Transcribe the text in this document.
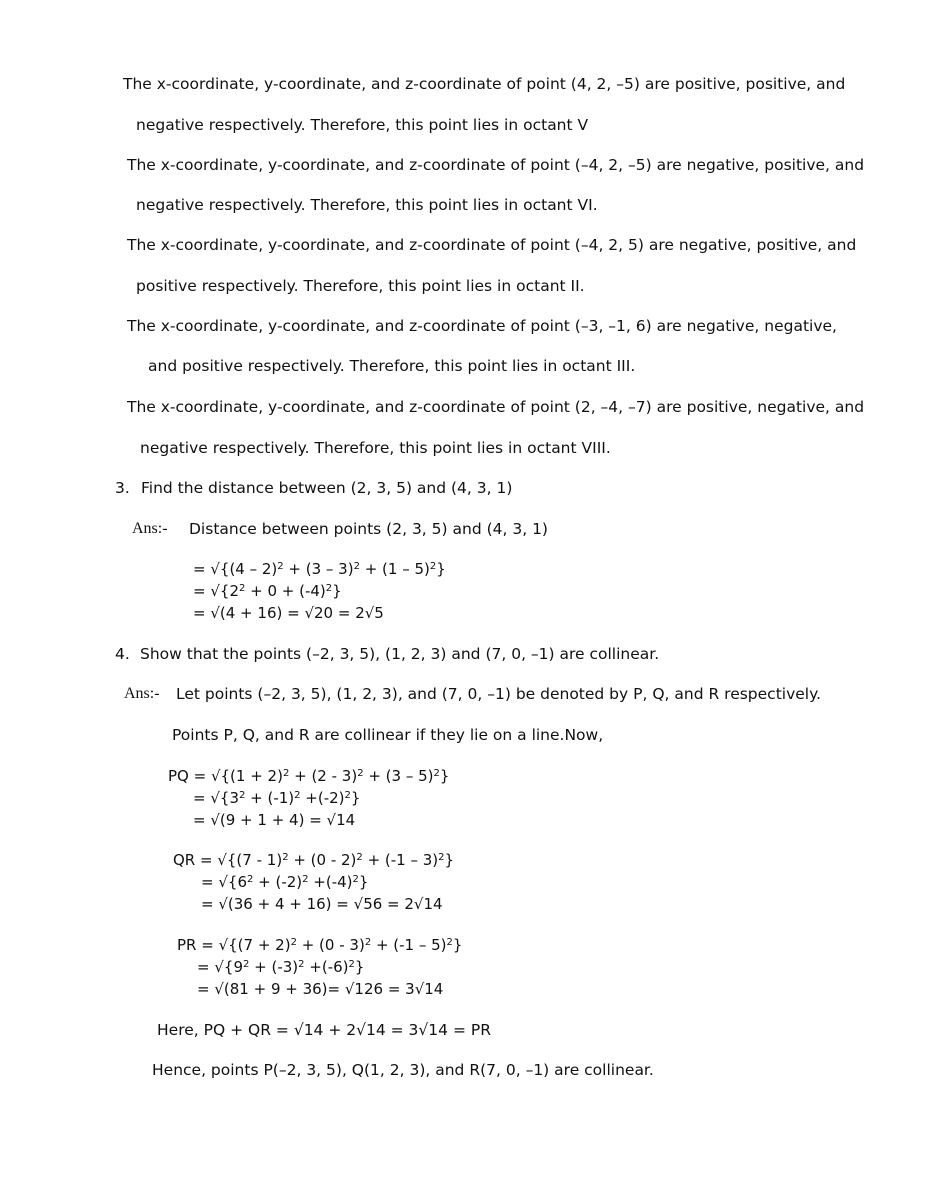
The x-coordinate, y-coordinate, and z-coordinate of point (4, 2, –5) are positive, positive, and
negative respectively. Therefore, this point lies in octant V
The x-coordinate, y-coordinate, and z-coordinate of point (–4, 2, –5) are negative, positive, and
negative respectively. Therefore, this point lies in octant VI.
The x-coordinate, y-coordinate, and z-coordinate of point (–4, 2, 5) are negative, positive, and
positive respectively. Therefore, this point lies in octant II.
The x-coordinate, y-coordinate, and z-coordinate of point (–3, –1, 6) are negative, negative,
and positive respectively. Therefore, this point lies in octant III.
The x-coordinate, y-coordinate, and z-coordinate of point (2, –4, –7) are positive, negative, and
negative respectively. Therefore, this point lies in octant VIII.
3. Find the distance between (2, 3, 5) and (4, 3, 1)
Ans:- Distance between points (2, 3, 5) and (4, 3, 1)
= √{(4 – 2)$^2$ + (3 – 3)$^2$ + (1 – 5)$^2$}
= $√\{2^2 + 0 + (-4)^2\}$
= √(4 + 16) = √20 = 2√5
4. Show that the points (–2, 3, 5), (1, 2, 3) and (7, 0, –1) are collinear.
Ans:- Let points (–2, 3, 5), (1, 2, 3), and (7, 0, –1) be denoted by P, Q, and R respectively.
Points P, Q, and R are collinear if they lie on a line.Now,
PQ = $√\{(1 + 2)^2 + (2 - 3)^2 + (3 - 5)^2\}$
= $√\{3^2 + (-1)^2 +(-2)^2\}$
= √(9 + 1 + 4) = √14
QR = √{(7 - 1)$^2$ + (0 - 2)$^2$ + (-1 – 3)$^2$}
= $√\{6^2 + (-2)^2 +(-4)^2\}$
= √(36 + 4 + 16) = √56 = 2√14
PR = $√\{(7 + 2)^2 + (0 - 3)^2 + (-1 - 5)^2\}$
= $√\{9^2 + (-3)^2 +(-6)^2\}$
= √(81 + 9 + 36)= √126 = 3√14
Here, PQ + QR = √14 + 2√14 = 3√14 = PR
Hence, points P(–2, 3, 5), Q(1, 2, 3), and R(7, 0, –1) are collinear.
